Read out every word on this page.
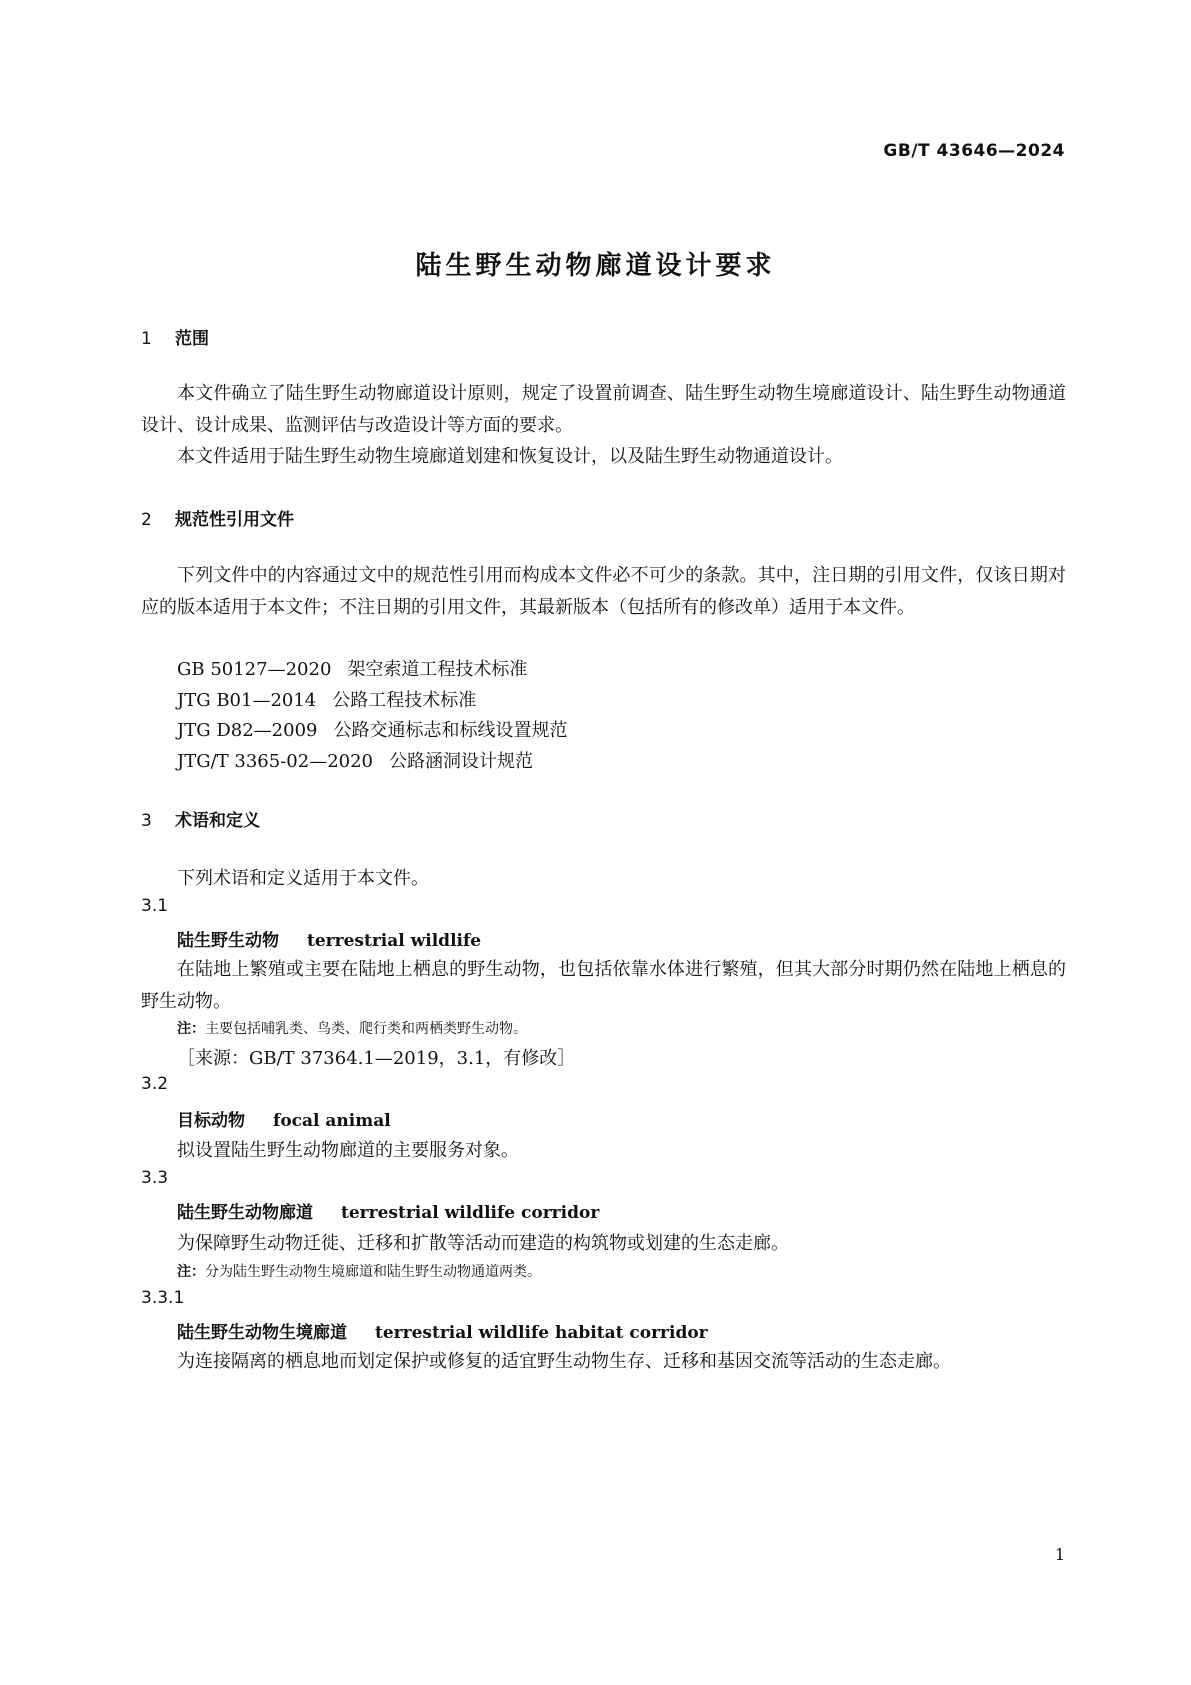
GB/T 43646—2024
陆生野生动物廊道设计要求
1 范围
本文件确立了陆生野生动物廊道设计原则，规定了设置前调查、陆生野生动物生境廊道设计、陆生野生动物通道设计、设计成果、监测评估与改造设计等方面的要求。
本文件适用于陆生野生动物生境廊道划建和恢复设计，以及陆生野生动物通道设计。
2 规范性引用文件
下列文件中的内容通过文中的规范性引用而构成本文件必不可少的条款。其中，注日期的引用文件，仅该日期对应的版本适用于本文件；不注日期的引用文件，其最新版本（包括所有的修改单）适用于本文件。
GB 50127—2020 架空索道工程技术标准
JTG B01—2014 公路工程技术标准
JTG D82—2009 公路交通标志和标线设置规范
JTG/T 3365-02—2020 公路涵洞设计规范
3 术语和定义
下列术语和定义适用于本文件。
3.1
陆生野生动物 terrestrial wildlife
在陆地上繁殖或主要在陆地上栖息的野生动物，也包括依靠水体进行繁殖，但其大部分时期仍然在陆地上栖息的野生动物。
注：主要包括哺乳类、鸟类、爬行类和两栖类野生动物。
［来源：GB/T 37364.1—2019，3.1，有修改］
3.2
目标动物 focal animal
拟设置陆生野生动物廊道的主要服务对象。
3.3
陆生野生动物廊道 terrestrial wildlife corridor
为保障野生动物迁徙、迁移和扩散等活动而建造的构筑物或划建的生态走廊。
注：分为陆生野生动物生境廊道和陆生野生动物通道两类。
3.3.1
陆生野生动物生境廊道 terrestrial wildlife habitat corridor
为连接隔离的栖息地而划定保护或修复的适宜野生动物生存、迁移和基因交流等活动的生态走廊。
1
